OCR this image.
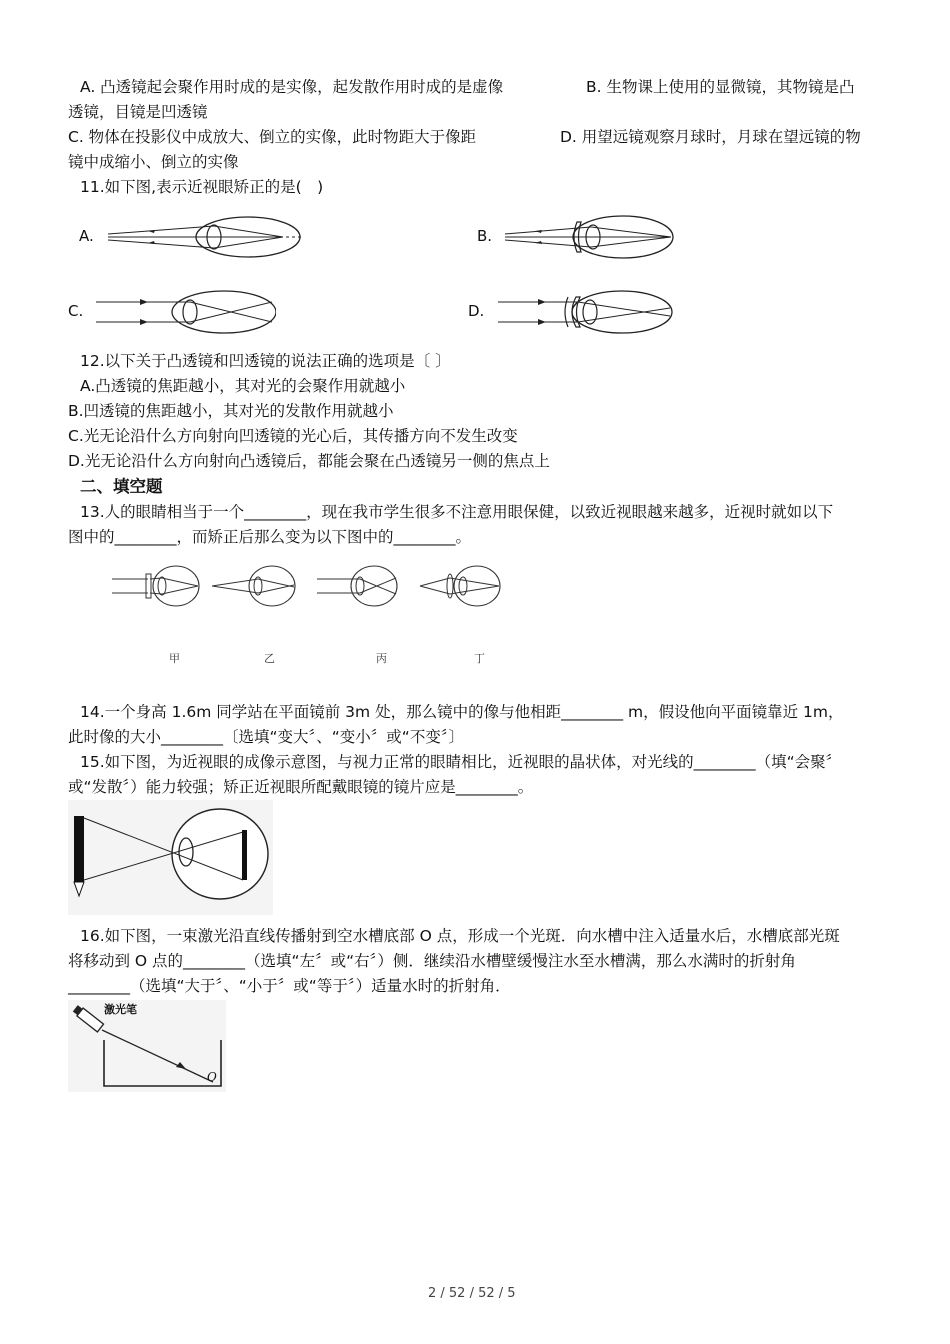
A. 凸透镜起会聚作用时成的是实像，起发散作用时成的是虚像	B. 生物课上使用的显微镜，其物镜是凸
透镜，目镜是凹透镜
C. 物体在投影仪中成放大、倒立的实像，此时物距大于像距	D. 用望远镜观察月球时，月球在望远镜的物
镜中成缩小、倒立的实像
11.如下图,表示近视眼矫正的是(　)
A.	B.
C.	D.
12.以下关于凸透镜和凹透镜的说法正确的选项是〔 〕
A.凸透镜的焦距越小，其对光的会聚作用就越小
B.凹透镜的焦距越小，其对光的发散作用就越小
C.光无论沿什么方向射向凹透镜的光心后，其传播方向不发生改变
D.光无论沿什么方向射向凸透镜后，都能会聚在凸透镜另一侧的焦点上
二、填空题
13.人的眼睛相当于一个________，现在我市学生很多不注意用眼保健，以致近视眼越来越多，近视时就如以下
图中的________，而矫正后那么变为以下图中的________。
甲	乙	丙	丁
14.一个身高 1.6m 同学站在平面镜前 3m 处，那么镜中的像与他相距________ m，假设他向平面镜靠近 1m，
此时像的大小________〔选填“变大〞、“变小〞或“不变〞〕
15.如下图，为近视眼的成像示意图，与视力正常的眼睛相比，近视眼的晶状体，对光线的________（填“会聚〞
或“发散〞）能力较强；矫正近视眼所配戴眼镜的镜片应是________。
16.如下图，一束激光沿直线传播射到空水槽底部 O 点，形成一个光斑．向水槽中注入适量水后，水槽底部光斑
将移动到 O 点的________（选填“左〞或“右〞）侧．继续沿水槽壁缓慢注水至水槽满，那么水满时的折射角
________（选填“大于〞、“小于〞或“等于〞）适量水时的折射角．
激光笔
O
2 / 52 / 52 / 5
